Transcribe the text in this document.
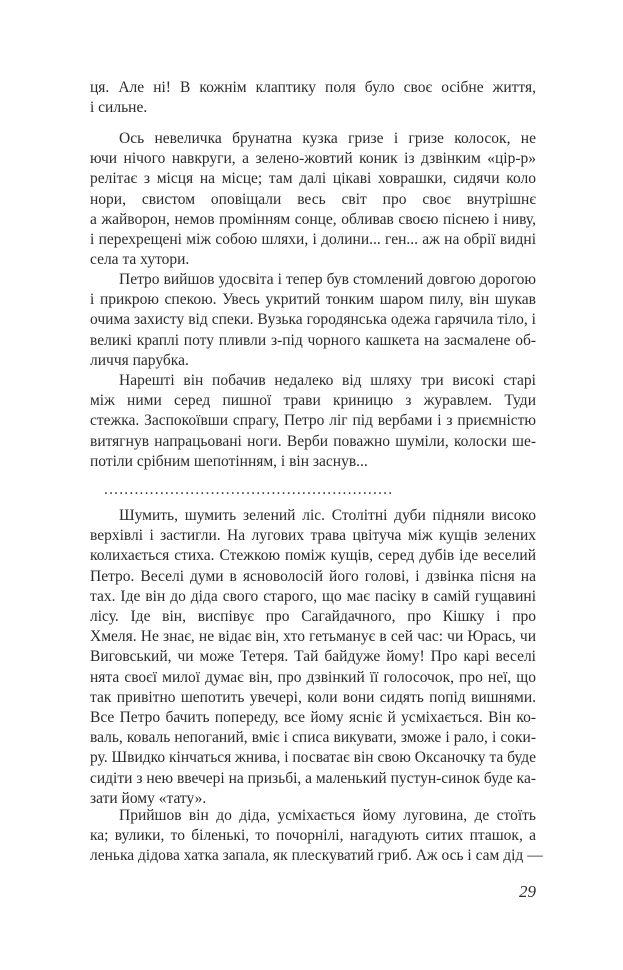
ця. Але ні! В кожнім клаптику поля було своє осібне життя,
і сильне.
Ось невеличка брунатна кузка гризе і гризе колосок, не
ючи нічого навкруги, а зелено-жовтий коник із дзвінким «цір-р»
релітає з місця на місце; там далі цікаві ховрашки, сидячи коло
нори, свистом оповіщали весь світ про своє внутрішнє
а жайворон, немов промінням сонце, обливав своєю піснею і ниву,
і перехрещені між собою шляхи, і долини... ген... аж на обрії видні
села та хутори.
Петро вийшов удосвіта і тепер був стомлений довгою дорогою
і прикрою спекою. Увесь укритий тонким шаром пилу, він шукав
очима захисту від спеки. Вузька городянська одежа гарячила тіло, і
великі краплі поту пливли з-під чорного кашкета на засмалене об-
личчя парубка.
Нарешті він побачив недалеко від шляху три високі старі
між ними серед пишної трави криницю з журавлем. Туди
стежка. Заспокоївши спрагу, Петро ліг під вербами і з приємністю
витягнув напрацьовані ноги. Верби поважно шуміли, колоски ше-
потіли срібним шепотінням, і він заснув...
Шумить, шумить зелений ліс. Столітні дуби підняли високо
верхівлі і застигли. На лугових трава цвітуча між кущів зелених
колихається стиха. Стежкою поміж кущів, серед дубів іде веселий
Петро. Веселі думи в ясноволосій його голові, і дзвінка пісня на
тах. Іде він до діда свого старого, що має пасіку в самій гущавині
лісу. Іде він, виспівує про Сагайдачного, про Кішку і про
Хмеля. Не знає, не відає він, хто гетьманує в сей час: чи Юрась, чи
Виговський, чи може Тетеря. Тай байдуже йому! Про карі веселі
нята своєї милої думає він, про дзвінкий її голосочок, про неї, що
так привітно шепотить увечері, коли вони сидять попід вишнями.
Все Петро бачить попереду, все йому ясніє й усміхається. Він ко-
валь, коваль непоганий, вміє і списа викувати, зможе і рало, і соки-
ру. Швидко кінчаться жнива, і посватає він свою Оксаночку та буде
сидіти з нею ввечері на призьбі, а маленький пустун-синок буде ка-
зати йому «тату».
Прийшов він до діда, усміхається йому луговина, де стоїть
ка; вулики, то біленькі, то почорнілі, нагадують ситих пташок, а
ленька дідова хатка запала, як плескуватий гриб. Аж ось і сам дід —
.........................................................
29
